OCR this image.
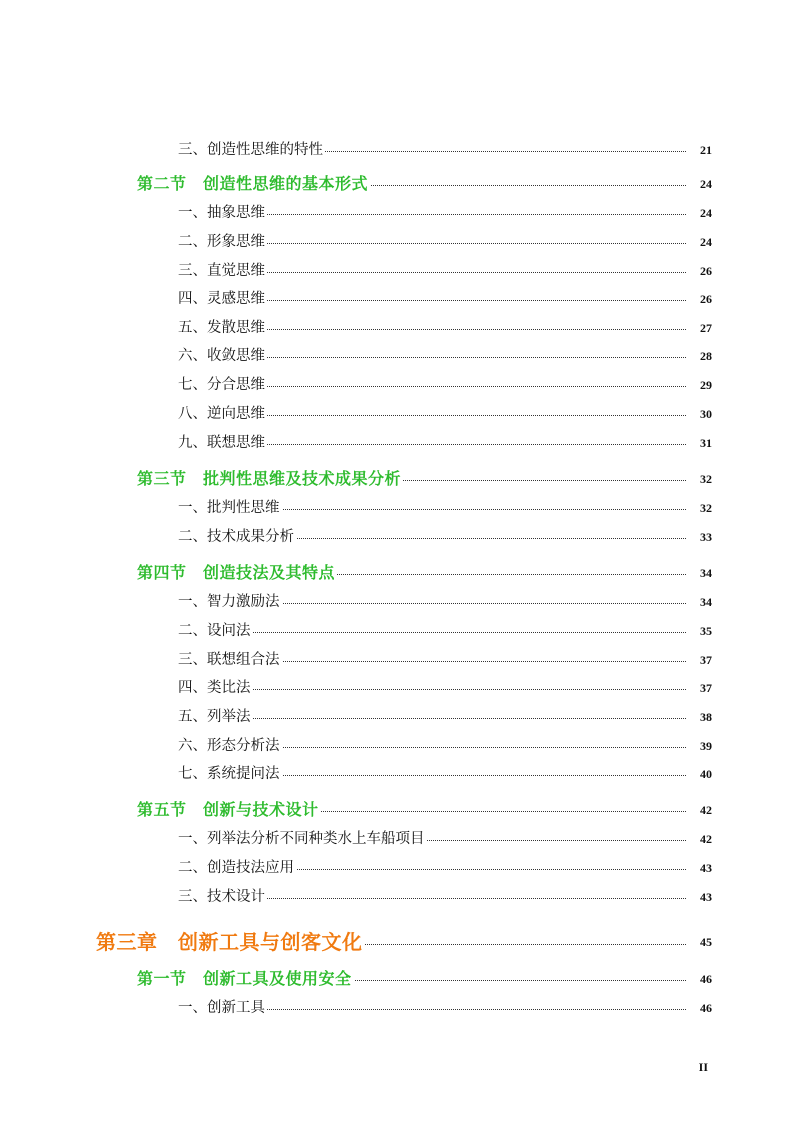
三、创造性思维的特性	21
第二节　创造性思维的基本形式	24
一、抽象思维	24
二、形象思维	24
三、直觉思维	26
四、灵感思维	26
五、发散思维	27
六、收敛思维	28
七、分合思维	29
八、逆向思维	30
九、联想思维	31
第三节　批判性思维及技术成果分析	32
一、批判性思维	32
二、技术成果分析	33
第四节　创造技法及其特点	34
一、智力激励法	34
二、设问法	35
三、联想组合法	37
四、类比法	37
五、列举法	38
六、形态分析法	39
七、系统提问法	40
第五节　创新与技术设计	42
一、列举法分析不同种类水上车船项目	42
二、创造技法应用	43
三、技术设计	43
第三章　创新工具与创客文化	45
第一节　创新工具及使用安全	46
一、创新工具	46
II
